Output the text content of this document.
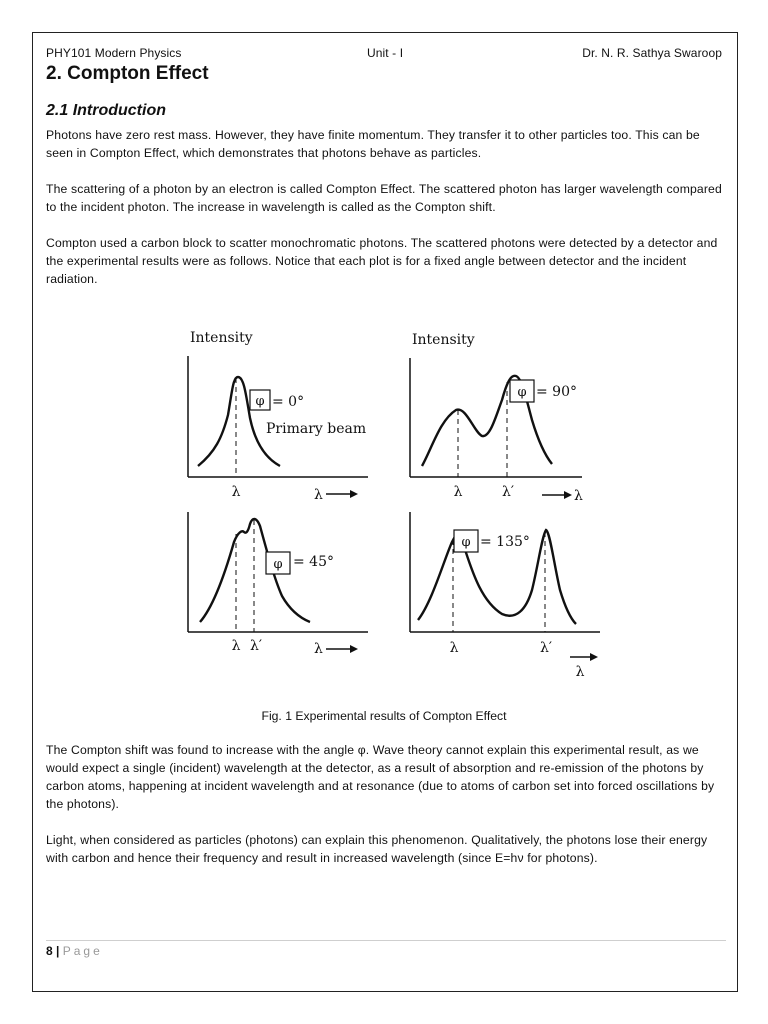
PHY101 Modern Physics	Unit - I	Dr. N. R. Sathya Swaroop
2. Compton Effect
2.1 Introduction

Photons have zero rest mass. However, they have finite momentum. They transfer it to other particles too. This can be seen in Compton Effect, which demonstrates that photons behave as particles.

The scattering of a photon by an electron is called Compton Effect. The scattered photon has larger wavelength compared to the incident photon. The increase in wavelength is called as the Compton shift.

Compton used a carbon block to scatter monochromatic photons. The scattered photons were detected by a detector and the experimental results were as follows. Notice that each plot is for a fixed angle between detector and the incident radiation.

Intensity
φ = 0°
Primary beam
λ	λ
Intensity
φ = 90°
λ	λ′	λ
φ = 45°
λ λ′	λ
φ = 135°
λ	λ′
λ
Fig. 1 Experimental results of Compton Effect

The Compton shift was found to increase with the angle φ. Wave theory cannot explain this experimental result, as we would expect a single (incident) wavelength at the detector, as a result of absorption and re-emission of the photons by carbon atoms, happening at incident wavelength and at resonance (due to atoms of carbon set into forced oscillations by the photons).

Light, when considered as particles (photons) can explain this phenomenon. Qualitatively, the photons lose their energy with carbon and hence their frequency and result in increased wavelength (since E=hν for photons).

8 | Page
